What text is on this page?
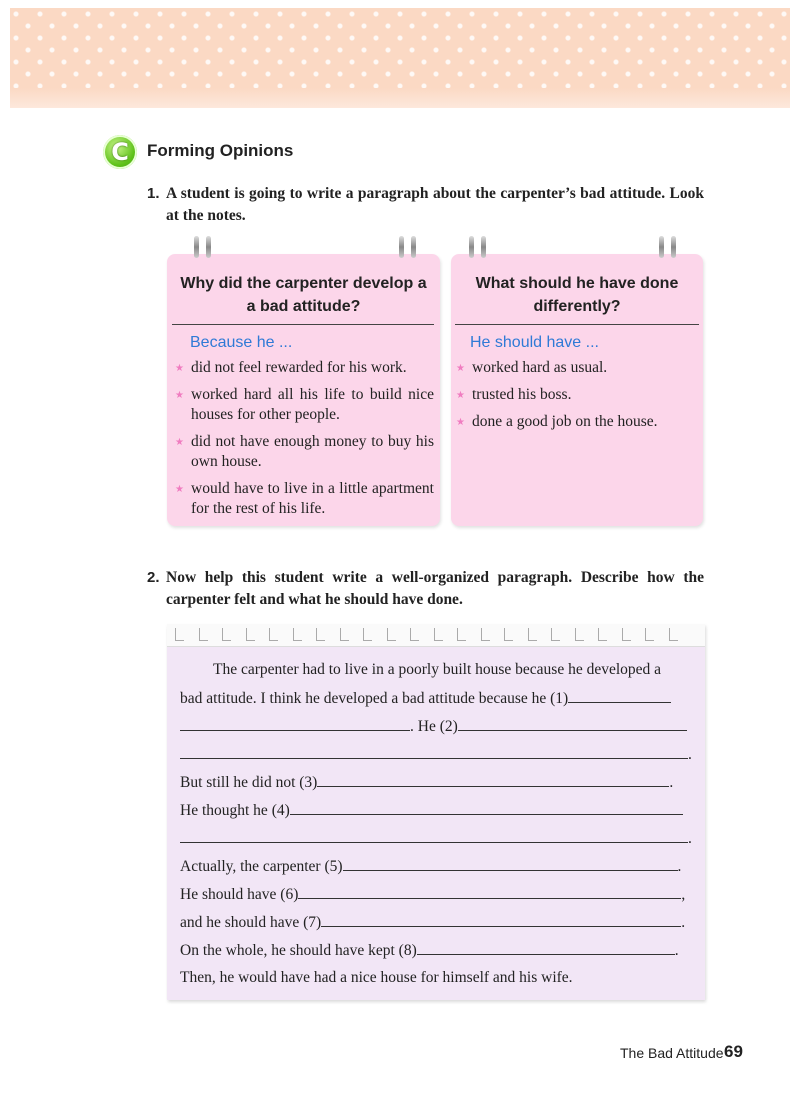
C	Forming Opinions
1. A student is going to write a paragraph about the carpenter’s bad attitude. Look at the notes.
Why did the carpenter develop a a bad attitude?
Because he ...
★ did not feel rewarded for his work.
★ worked hard all his life to build nice houses for other people.
★ did not have enough money to buy his own house.
★ would have to live in a little apartment for the rest of his life.
What should he have done differently?
He should have ...
★ worked hard as usual.
★ trusted his boss.
★ done a good job on the house.
2. Now help this student write a well-organized paragraph. Describe how the carpenter felt and what he should have done.
The carpenter had to live in a poorly built house because he developed a
bad attitude. I think he developed a bad attitude because he (1)
. He (2)
.
But still he did not (3)	.
He thought he (4)
.
Actually, the carpenter (5)	.
He should have (6)	,
and he should have (7)	.
On the whole, he should have kept (8)	.
Then, he would have had a nice house for himself and his wife.
The Bad Attitude 69
